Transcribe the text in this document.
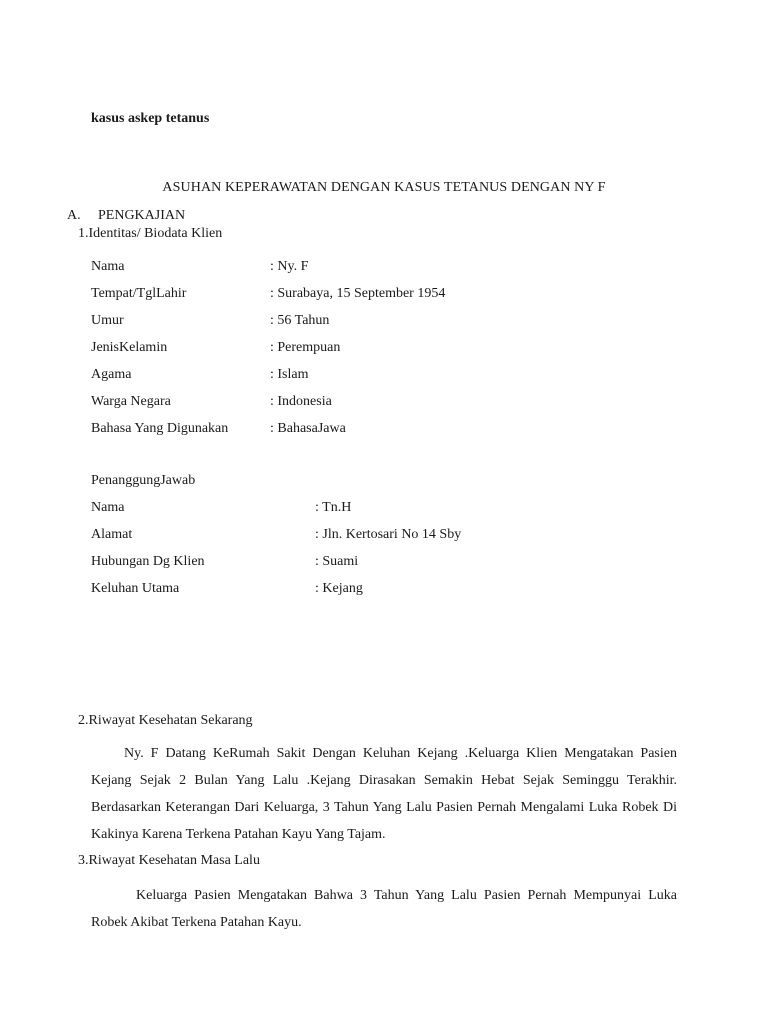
kasus askep tetanus
ASUHAN KEPERAWATAN DENGAN KASUS TETANUS DENGAN NY F
A. PENGKAJIAN
1.Identitas/ Biodata Klien
Nama	: Ny. F
Tempat/TglLahir	: Surabaya, 15 September 1954
Umur	: 56 Tahun
JenisKelamin	: Perempuan
Agama	: Islam
Warga Negara	: Indonesia
Bahasa Yang Digunakan	: BahasaJawa
PenanggungJawab
Nama	: Tn.H
Alamat	: Jln. Kertosari No 14 Sby
Hubungan Dg Klien	: Suami
Keluhan Utama	: Kejang
2.Riwayat Kesehatan Sekarang
Ny. F Datang KeRumah Sakit Dengan Keluhan Kejang .Keluarga Klien Mengatakan Pasien Kejang Sejak 2 Bulan Yang Lalu .Kejang Dirasakan Semakin Hebat Sejak Seminggu Terakhir. Berdasarkan Keterangan Dari Keluarga, 3 Tahun Yang Lalu Pasien Pernah Mengalami Luka Robek Di Kakinya Karena Terkena Patahan Kayu Yang Tajam.
3.Riwayat Kesehatan Masa Lalu
Keluarga Pasien Mengatakan Bahwa 3 Tahun Yang Lalu Pasien Pernah Mempunyai Luka Robek Akibat Terkena Patahan Kayu.
